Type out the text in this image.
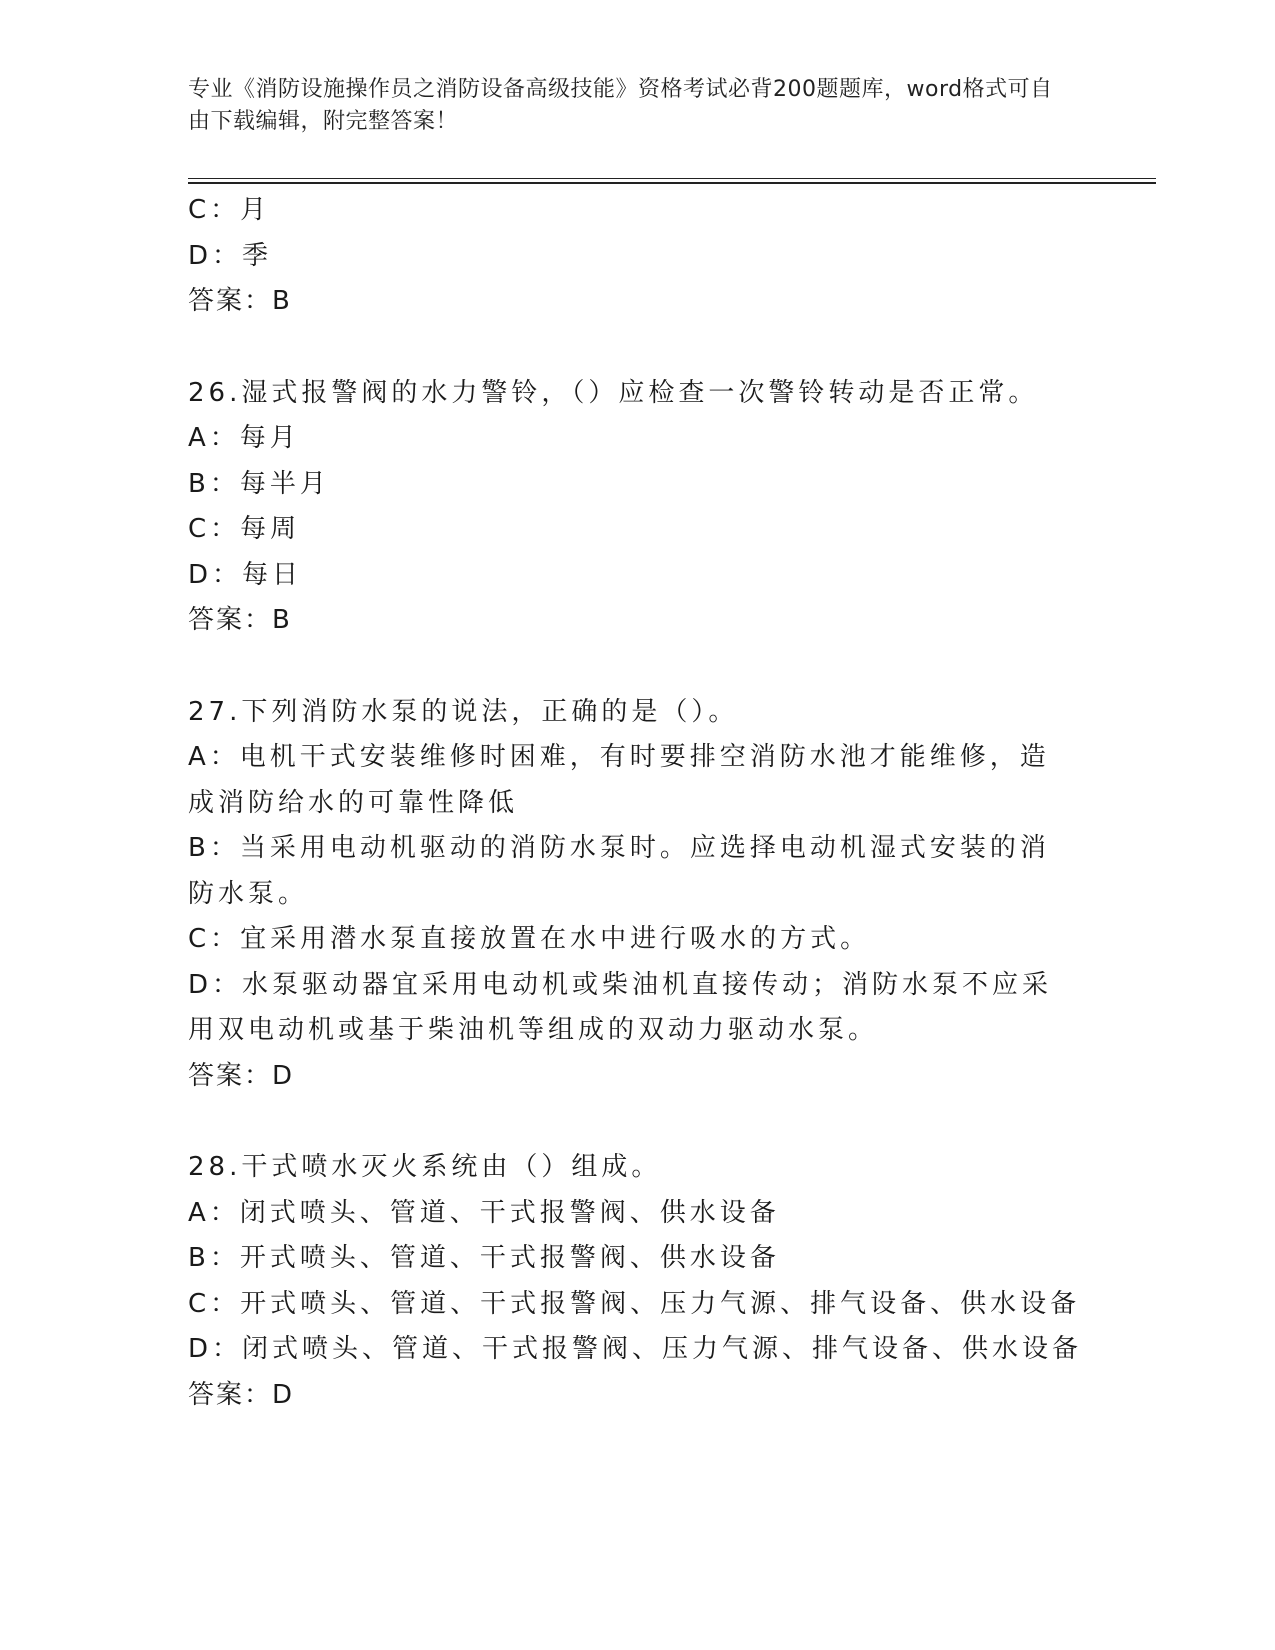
专业《消防设施操作员之消防设备高级技能》资格考试必背200题题库，word格式可自由下载编辑，附完整答案！
C：月
D：季
答案：B
26.湿式报警阀的水力警铃，（）应检查一次警铃转动是否正常。
A：每月
B：每半月
C：每周
D：每日
答案：B
27.下列消防水泵的说法，正确的是（）。
A：电机干式安装维修时困难，有时要排空消防水池才能维修，造成消防给水的可靠性降低
B：当采用电动机驱动的消防水泵时。应选择电动机湿式安装的消防水泵。
C：宜采用潜水泵直接放置在水中进行吸水的方式。
D：水泵驱动器宜采用电动机或柴油机直接传动；消防水泵不应采用双电动机或基于柴油机等组成的双动力驱动水泵。
答案：D
28.干式喷水灭火系统由（）组成。
A：闭式喷头、管道、干式报警阀、供水设备
B：开式喷头、管道、干式报警阀、供水设备
C：开式喷头、管道、干式报警阀、压力气源、排气设备、供水设备
D：闭式喷头、管道、干式报警阀、压力气源、排气设备、供水设备
答案：D
